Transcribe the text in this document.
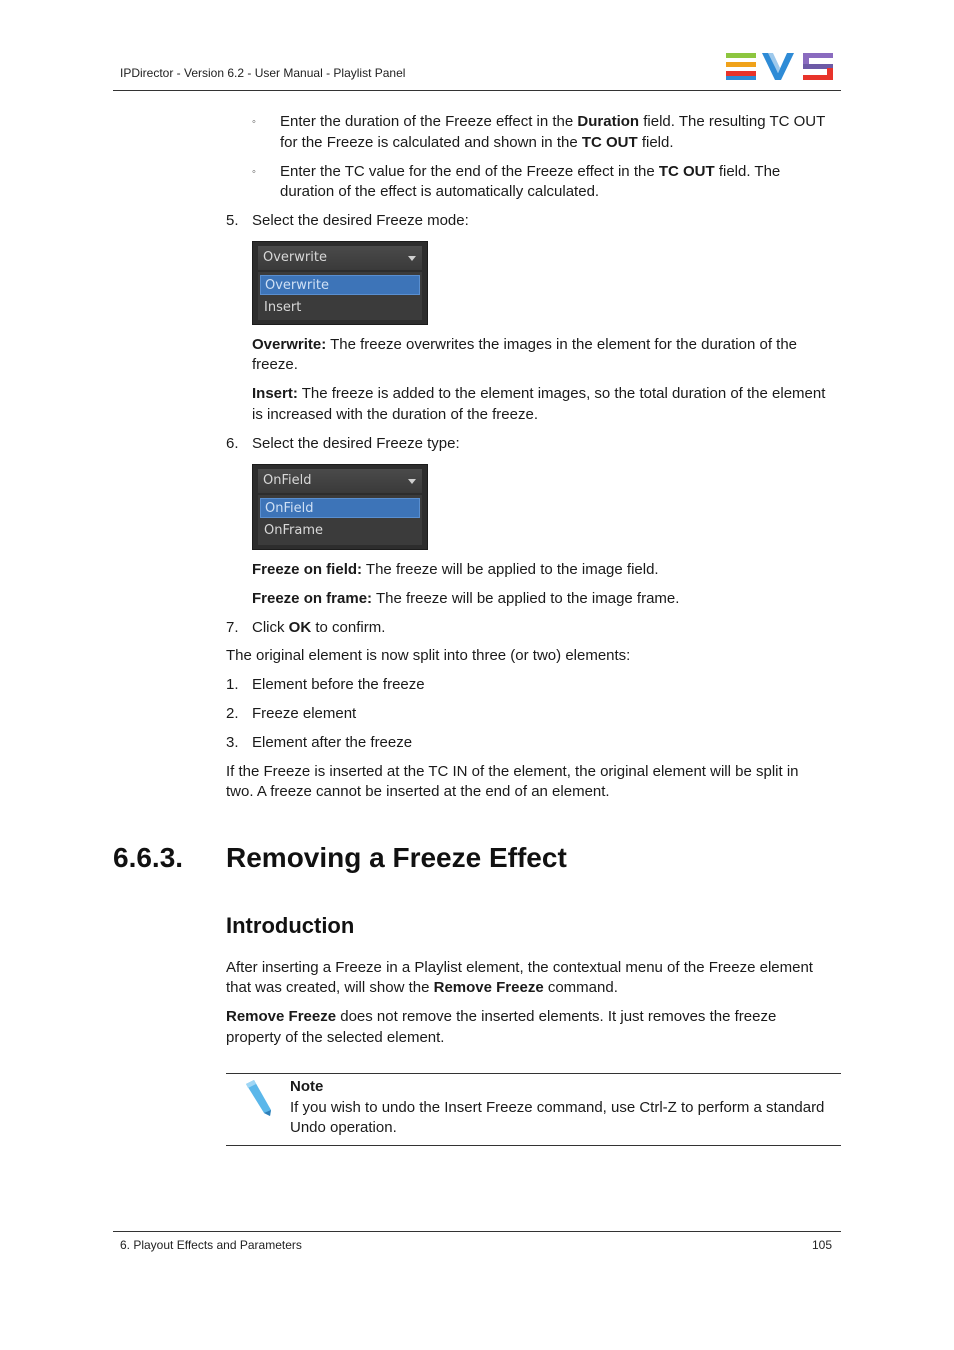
IPDirector - Version 6.2 - User Manual - Playlist Panel
◦ Enter the duration of the Freeze effect in the Duration field. The resulting TC OUT
for the Freeze is calculated and shown in the TC OUT field.
◦ Enter the TC value for the end of the Freeze effect in the TC OUT field. The
duration of the effect is automatically calculated.
5. Select the desired Freeze mode:
Overwrite
Overwrite
Insert
Overwrite: The freeze overwrites the images in the element for the duration of the
freeze.
Insert: The freeze is added to the element images, so the total duration of the element
is increased with the duration of the freeze.
6. Select the desired Freeze type:
OnField
OnField
OnFrame
Freeze on field: The freeze will be applied to the image field.
Freeze on frame: The freeze will be applied to the image frame.
7. Click OK to confirm.
The original element is now split into three (or two) elements:
1. Element before the freeze
2. Freeze element
3. Element after the freeze
If the Freeze is inserted at the TC IN of the element, the original element will be split in
two. A freeze cannot be inserted at the end of an element.
6.6.3. Removing a Freeze Effect
Introduction
After inserting a Freeze in a Playlist element, the contextual menu of the Freeze element
that was created, will show the Remove Freeze command.
Remove Freeze does not remove the inserted elements. It just removes the freeze
property of the selected element.
Note
If you wish to undo the Insert Freeze command, use Ctrl-Z to perform a standard
Undo operation.
6. Playout Effects and Parameters	105
